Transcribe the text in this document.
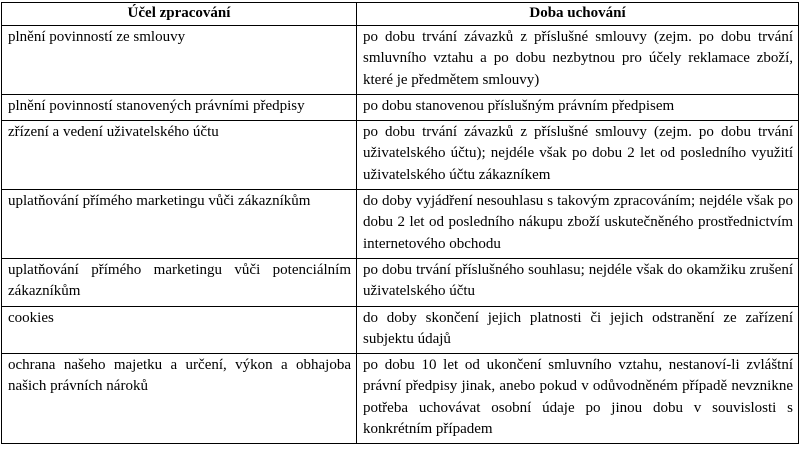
Účel zpracování	Doba uchování
plnění povinností ze smlouvy	po dobu trvání závazků z příslušné smlouvy (zejm. po dobu trvání smluvního vztahu a po dobu nezbytnou pro účely reklamace zboží, které je předmětem smlouvy)
plnění povinností stanovených právními předpisy	po dobu stanovenou příslušným právním předpisem
zřízení a vedení uživatelského účtu	po dobu trvání závazků z příslušné smlouvy (zejm. po dobu trvání uživatelského účtu); nejdéle však po dobu 2 let od posledního využití uživatelského účtu zákazníkem
uplatňování přímého marketingu vůči zákazníkům	do doby vyjádření nesouhlasu s takovým zpracováním; nejdéle však po dobu 2 let od posledního nákupu zboží uskutečněného prostřednictvím internetového obchodu
uplatňování přímého marketingu vůči potenciálním zákazníkům	po dobu trvání příslušného souhlasu; nejdéle však do okamžiku zrušení uživatelského účtu
cookies	do doby skončení jejich platnosti či jejich odstranění ze zařízení subjektu údajů
ochrana našeho majetku a určení, výkon a obhajoba našich právních nároků	po dobu 10 let od ukončení smluvního vztahu, nestanoví-li zvláštní právní předpisy jinak, anebo pokud v odůvodněném případě nevznikne potřeba uchovávat osobní údaje po jinou dobu v souvislosti s konkrétním případem
